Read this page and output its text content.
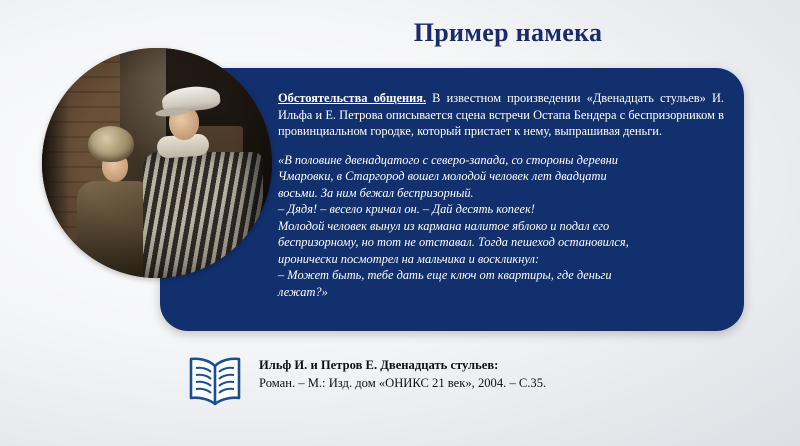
Пример намека

Обстоятельства общения. В известном произведении «Двенадцать стульев» И. Ильфа и Е. Петрова описывается сцена встречи Остапа Бендера с беспризорником в провинциальном городке, который пристает к нему, выпрашивая деньги.

«В половине двенадцатого с северо-запада, со стороны деревни
Чмаровки, в Старгород вошел молодой человек лет двадцати
восьми. За ним бежал беспризорный.
– Дядя! – весело кричал он. – Дай десять копеек!
Молодой человек вынул из кармана налитое яблоко и подал его
беспризорному, но тот не отставал. Тогда пешеход остановился,
иронически посмотрел на мальчика и воскликнул:
– Может быть, тебе дать еще ключ от квартиры, где деньги
лежат?»

Ильф И. и Петров Е. Двенадцать стульев:

Роман. – М.: Изд. дом «ОНИКС 21 век», 2004. – С.35.
